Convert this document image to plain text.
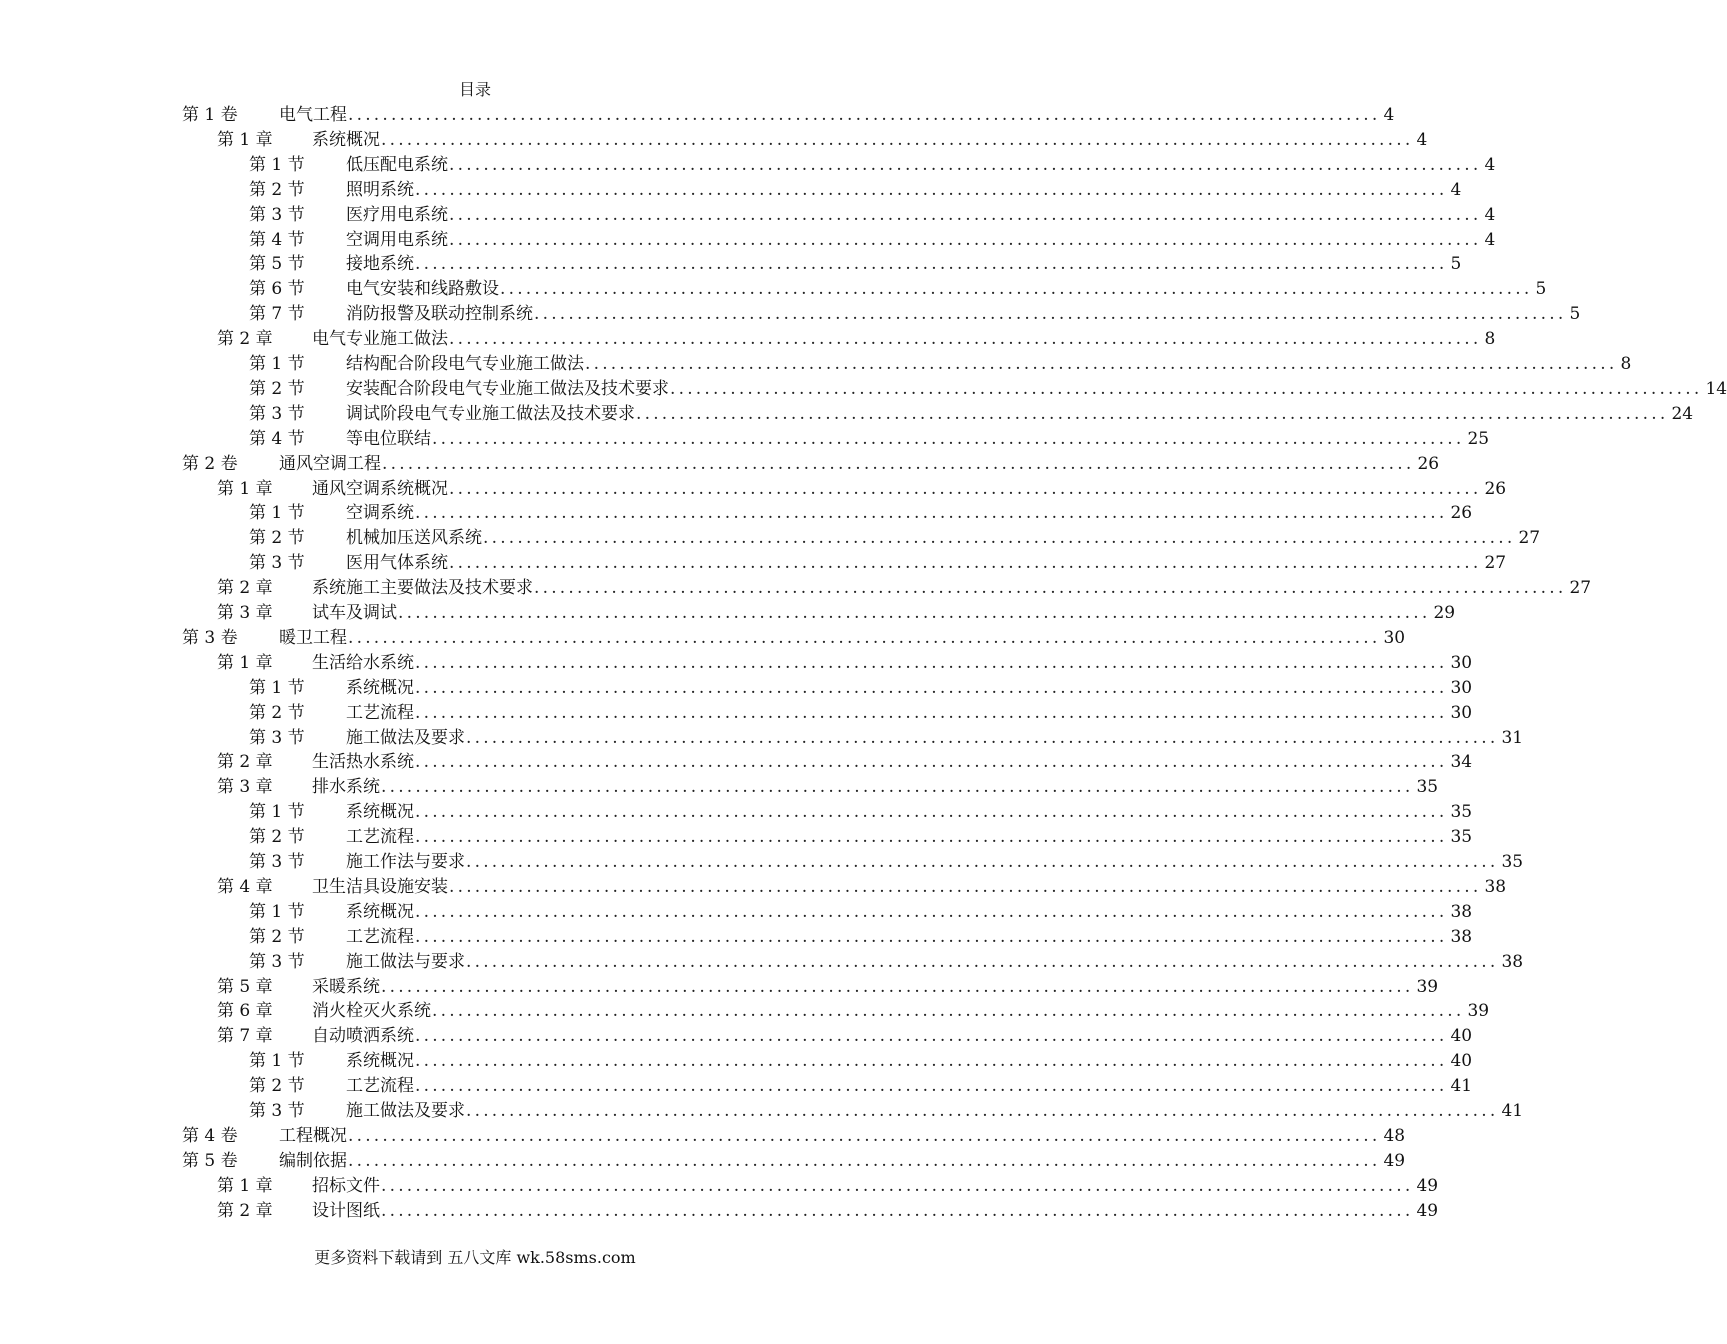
目录
第 1 卷	电气工程 ........................................................................................................................ 4
第 1 章	系统概况 ........................................................................................................................ 4
第 1 节	低压配电系统 ........................................................................................................................ 4
第 2 节	照明系统 ........................................................................................................................ 4
第 3 节	医疗用电系统 ........................................................................................................................ 4
第 4 节	空调用电系统 ........................................................................................................................ 4
第 5 节	接地系统 ........................................................................................................................ 5
第 6 节	电气安装和线路敷设 ........................................................................................................................ 5
第 7 节	消防报警及联动控制系统 ........................................................................................................................ 5
第 2 章	电气专业施工做法 ........................................................................................................................ 8
第 1 节	结构配合阶段电气专业施工做法 ........................................................................................................................ 8
第 2 节	安装配合阶段电气专业施工做法及技术要求 ........................................................................................................................ 14
第 3 节	调试阶段电气专业施工做法及技术要求 ........................................................................................................................ 24
第 4 节	等电位联结 ........................................................................................................................ 25
第 2 卷	通风空调工程 ........................................................................................................................ 26
第 1 章	通风空调系统概况 ........................................................................................................................ 26
第 1 节	空调系统 ........................................................................................................................ 26
第 2 节	机械加压送风系统 ........................................................................................................................ 27
第 3 节	医用气体系统 ........................................................................................................................ 27
第 2 章	系统施工主要做法及技术要求 ........................................................................................................................ 27
第 3 章	试车及调试 ........................................................................................................................ 29
第 3 卷	暖卫工程 ........................................................................................................................ 30
第 1 章	生活给水系统 ........................................................................................................................ 30
第 1 节	系统概况 ........................................................................................................................ 30
第 2 节	工艺流程 ........................................................................................................................ 30
第 3 节	施工做法及要求 ........................................................................................................................ 31
第 2 章	生活热水系统 ........................................................................................................................ 34
第 3 章	排水系统 ........................................................................................................................ 35
第 1 节	系统概况 ........................................................................................................................ 35
第 2 节	工艺流程 ........................................................................................................................ 35
第 3 节	施工作法与要求 ........................................................................................................................ 35
第 4 章	卫生洁具设施安装 ........................................................................................................................ 38
第 1 节	系统概况 ........................................................................................................................ 38
第 2 节	工艺流程 ........................................................................................................................ 38
第 3 节	施工做法与要求 ........................................................................................................................ 38
第 5 章	采暖系统 ........................................................................................................................ 39
第 6 章	消火栓灭火系统 ........................................................................................................................ 39
第 7 章	自动喷洒系统 ........................................................................................................................ 40
第 1 节	系统概况 ........................................................................................................................ 40
第 2 节	工艺流程 ........................................................................................................................ 41
第 3 节	施工做法及要求 ........................................................................................................................ 41
第 4 卷	工程概况 ........................................................................................................................ 48
第 5 卷	编制依据 ........................................................................................................................ 49
第 1 章	招标文件 ........................................................................................................................ 49
第 2 章	设计图纸 ........................................................................................................................ 49
更多资料下载请到 五八文库 wk.58sms.com
